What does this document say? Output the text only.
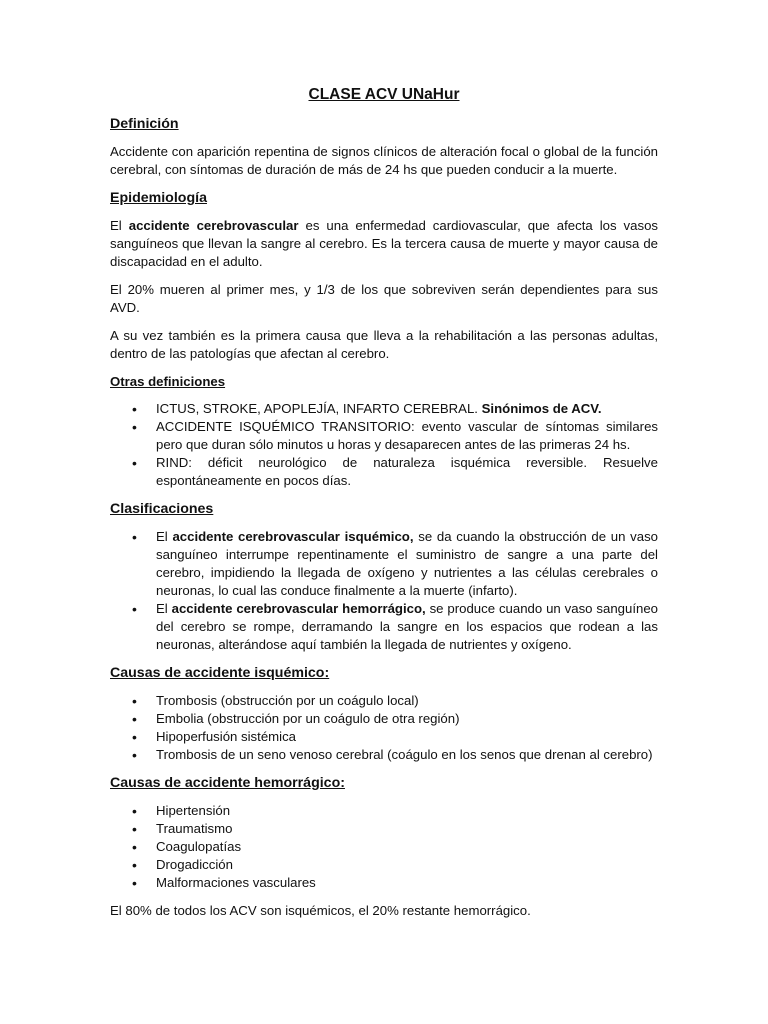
CLASE ACV UNaHur
Definición
Accidente con aparición repentina de signos clínicos de alteración focal o global de la función cerebral, con síntomas de duración de más de 24 hs que pueden conducir a la muerte.
Epidemiología
El accidente cerebrovascular es una enfermedad cardiovascular, que afecta los vasos sanguíneos que llevan la sangre al cerebro. Es la tercera causa de muerte y mayor causa de discapacidad en el adulto.
El 20% mueren al primer mes, y 1/3 de los que sobreviven serán dependientes para sus AVD.
A su vez también es la primera causa que lleva a la rehabilitación a las personas adultas, dentro de las patologías que afectan al cerebro.
Otras definiciones
• ICTUS, STROKE, APOPLEJÍA, INFARTO CEREBRAL. Sinónimos de ACV.
• ACCIDENTE ISQUÉMICO TRANSITORIO: evento vascular de síntomas similares pero que duran sólo minutos u horas y desaparecen antes de las primeras 24 hs.
• RIND: déficit neurológico de naturaleza isquémica reversible. Resuelve espontáneamente en pocos días.
Clasificaciones
• El accidente cerebrovascular isquémico, se da cuando la obstrucción de un vaso sanguíneo interrumpe repentinamente el suministro de sangre a una parte del cerebro, impidiendo la llegada de oxígeno y nutrientes a las células cerebrales o neuronas, lo cual las conduce finalmente a la muerte (infarto).
• El accidente cerebrovascular hemorrágico, se produce cuando un vaso sanguíneo del cerebro se rompe, derramando la sangre en los espacios que rodean a las neuronas, alterándose aquí también la llegada de nutrientes y oxígeno.
Causas de accidente isquémico:
• Trombosis (obstrucción por un coágulo local)
• Embolia (obstrucción por un coágulo de otra región)
• Hipoperfusión sistémica
• Trombosis de un seno venoso cerebral (coágulo en los senos que drenan al cerebro)
Causas de accidente hemorrágico:
• Hipertensión
• Traumatismo
• Coagulopatías
• Drogadicción
• Malformaciones vasculares
El 80% de todos los ACV son isquémicos, el 20% restante hemorrágico.
